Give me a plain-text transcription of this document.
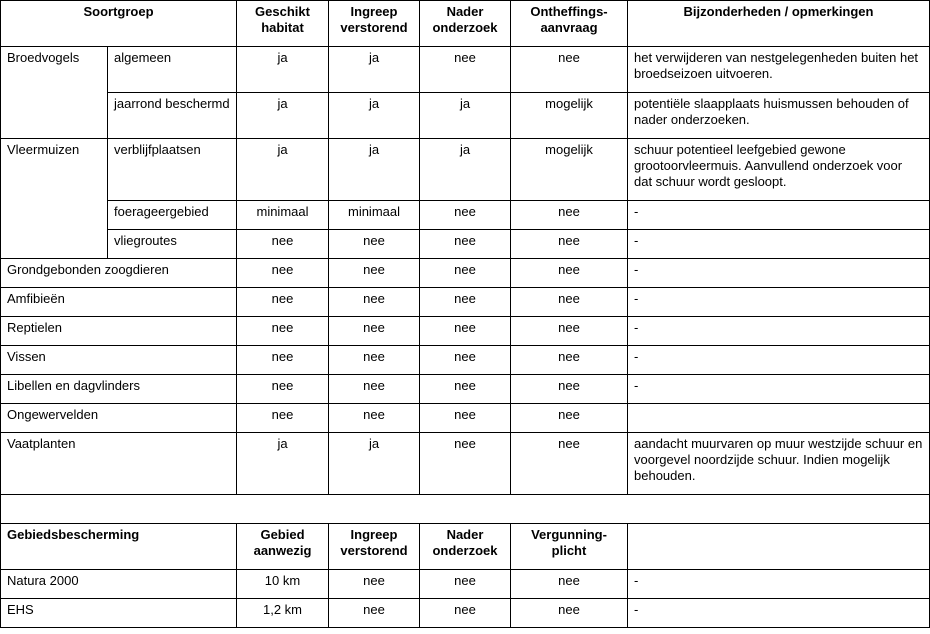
Soortgroep		Geschikt habitat	Ingreep verstorend	Nader onderzoek	Ontheffings-aanvraag	Bijzonderheden / opmerkingen
Broedvogels	algemeen	ja	ja	nee	nee	het verwijderen van nestgelegenheden buiten het broedseizoen uitvoeren.
	jaarrond beschermd	ja	ja	ja	mogelijk	potentiële slaapplaats huismussen behouden of nader onderzoeken.
Vleermuizen	verblijfplaatsen	ja	ja	ja	mogelijk	schuur potentieel leefgebied gewone grootoorvleermuis. Aanvullend onderzoek voor dat schuur wordt gesloopt.
	foerageergebied	minimaal	minimaal	nee	nee	-
	vliegroutes	nee	nee	nee	nee	-
Grondgebonden zoogdieren		nee	nee	nee	nee	-
Amfibieën		nee	nee	nee	nee	-
Reptielen		nee	nee	nee	nee	-
Vissen		nee	nee	nee	nee	-
Libellen en dagvlinders		nee	nee	nee	nee	-
Ongewervelden		nee	nee	nee	nee	
Vaatplanten		ja	ja	nee	nee	aandacht muurvaren op muur westzijde schuur en voorgevel noordzijde schuur. Indien mogelijk behouden.

Gebiedsbescherming		Gebied aanwezig	Ingreep verstorend	Nader onderzoek	Vergunning-plicht	
Natura 2000		10 km	nee	nee	nee	-
EHS		1,2 km	nee	nee	nee	-
